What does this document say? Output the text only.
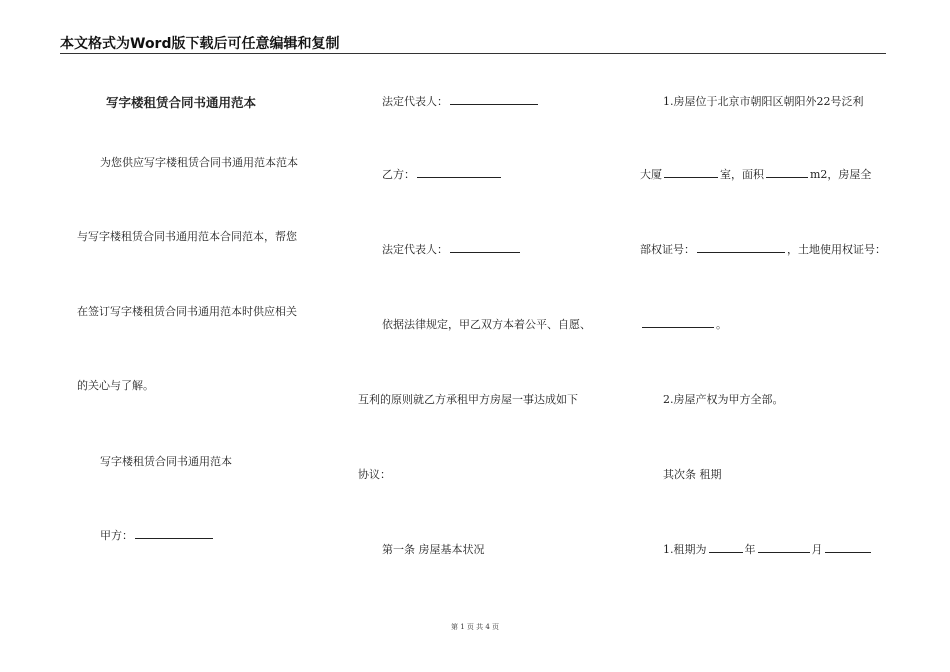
本文格式为Word版下载后可任意编辑和复制
写字楼租赁合同书通用范本
为您供应写字楼租赁合同书通用范本范本
与写字楼租赁合同书通用范本合同范本，帮您
在签订写字楼租赁合同书通用范本时供应相关
的关心与了解。
写字楼租赁合同书通用范本
甲方：
法定代表人：
乙方：
法定代表人：
依据法律规定，甲乙双方本着公平、自愿、
互利的原则就乙方承租甲方房屋一事达成如下
协议：
第一条 房屋基本状况
1.房屋位于北京市朝阳区朝阳外22号泛利
大厦	室，面积	m2，房屋全
部权证号：	，土地使用权证号：
。
2.房屋产权为甲方全部。
其次条 租期
1.租期为	年	月
第 1 页 共 4 页
